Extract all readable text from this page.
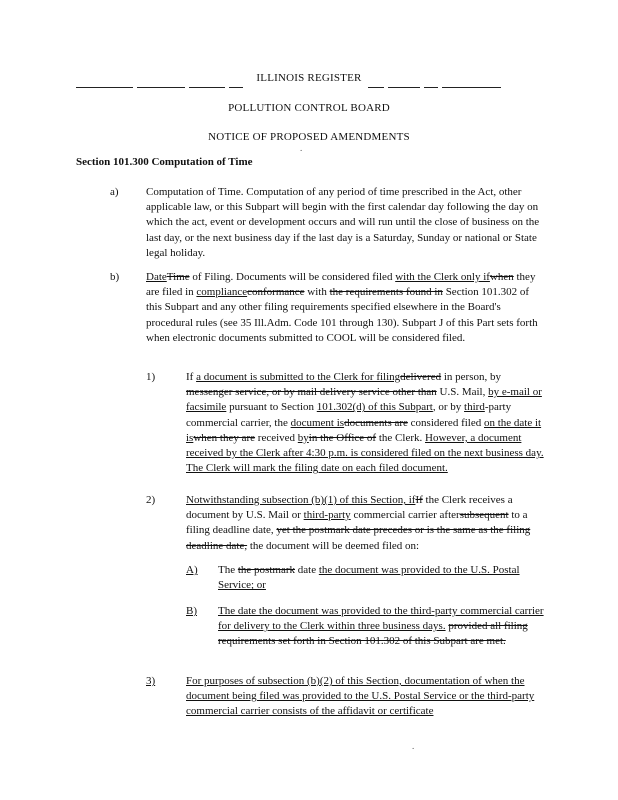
ILLINOIS REGISTER
POLLUTION CONTROL BOARD
NOTICE OF PROPOSED AMENDMENTS
.
Section 101.300 Computation of Time
a) Computation of Time. Computation of any period of time prescribed in the Act, other applicable law, or this Subpart will begin with the first calendar day following the day on which the act, event or development occurs and will run until the close of business on the last day, or the next business day if the last day is a Saturday, Sunday or national or State legal holiday.
b) DateTime of Filing. Documents will be considered filed with the Clerk only ifwhen they are filed in complianceconformance with the requirements found in Section 101.302 of this Subpart and any other filing requirements specified elsewhere in the Board's procedural rules (see 35 Ill.Adm. Code 101 through 130). Subpart J of this Part sets forth when electronic documents submitted to COOL will be considered filed.
1)	If a document is submitted to the Clerk for filingdelivered in person, by messenger service, or by mail delivery service other than U.S. Mail, by e-mail or facsimile pursuant to Section 101.302(d) of this Subpart, or by third-party commercial carrier, the document isdocuments are considered filed on the date it iswhen they are received byin the Office of the Clerk. However, a document received by the Clerk after 4:30 p.m. is considered filed on the next business day. The Clerk will mark the filing date on each filed document.
2)	Notwithstanding subsection (b)(1) of this Section, ifIf the Clerk receives a document by U.S. Mail or third-party commercial carrier aftersubsequent to a filing deadline date, yet the postmark date precedes or is the same as the filing deadline date, the document will be deemed filed on:
A) The the postmark date the document was provided to the U.S. Postal Service; or
B) The date the document was provided to the third-party commercial carrier for delivery to the Clerk within three business days. provided all filing requirements set forth in Section 101.302 of this Subpart are met.
3)	For purposes of subsection (b)(2) of this Section, documentation of when the document being filed was provided to the U.S. Postal Service or the third-party commercial carrier consists of the affidavit or certificate
.
